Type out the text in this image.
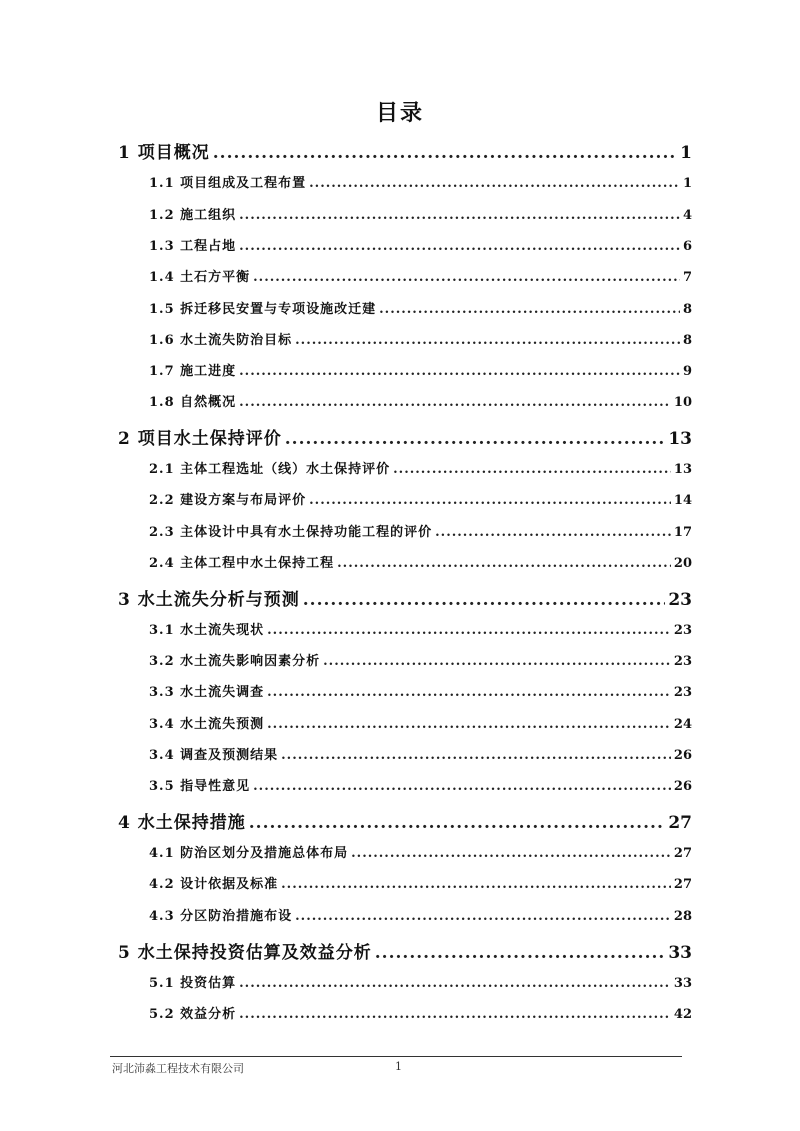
目录
1 项目概况 .....	1
1.1 项目组成及工程布置 .....	1
1.2 施工组织 .....	4
1.3 工程占地 .....	6
1.4 土石方平衡 .....	7
1.5 拆迁移民安置与专项设施改迁建 .....	8
1.6 水土流失防治目标 .....	8
1.7 施工进度 .....	9
1.8 自然概况 .....	10
2 项目水土保持评价 .....	13
2.1 主体工程选址（线）水土保持评价 .....	13
2.2 建设方案与布局评价 .....	14
2.3 主体设计中具有水土保持功能工程的评价 .....	17
2.4 主体工程中水土保持工程 .....	20
3 水土流失分析与预测 .....	23
3.1 水土流失现状 .....	23
3.2 水土流失影响因素分析 .....	23
3.3 水土流失调查 .....	23
3.4 水土流失预测 .....	24
3.4 调查及预测结果 .....	26
3.5 指导性意见 .....	26
4 水土保持措施 .....	27
4.1 防治区划分及措施总体布局 .....	27
4.2 设计依据及标准 .....	27
4.3 分区防治措施布设 .....	28
5 水土保持投资估算及效益分析 .....	33
5.1 投资估算 .....	33
5.2 效益分析 .....	42
河北沛淼工程技术有限公司	1
